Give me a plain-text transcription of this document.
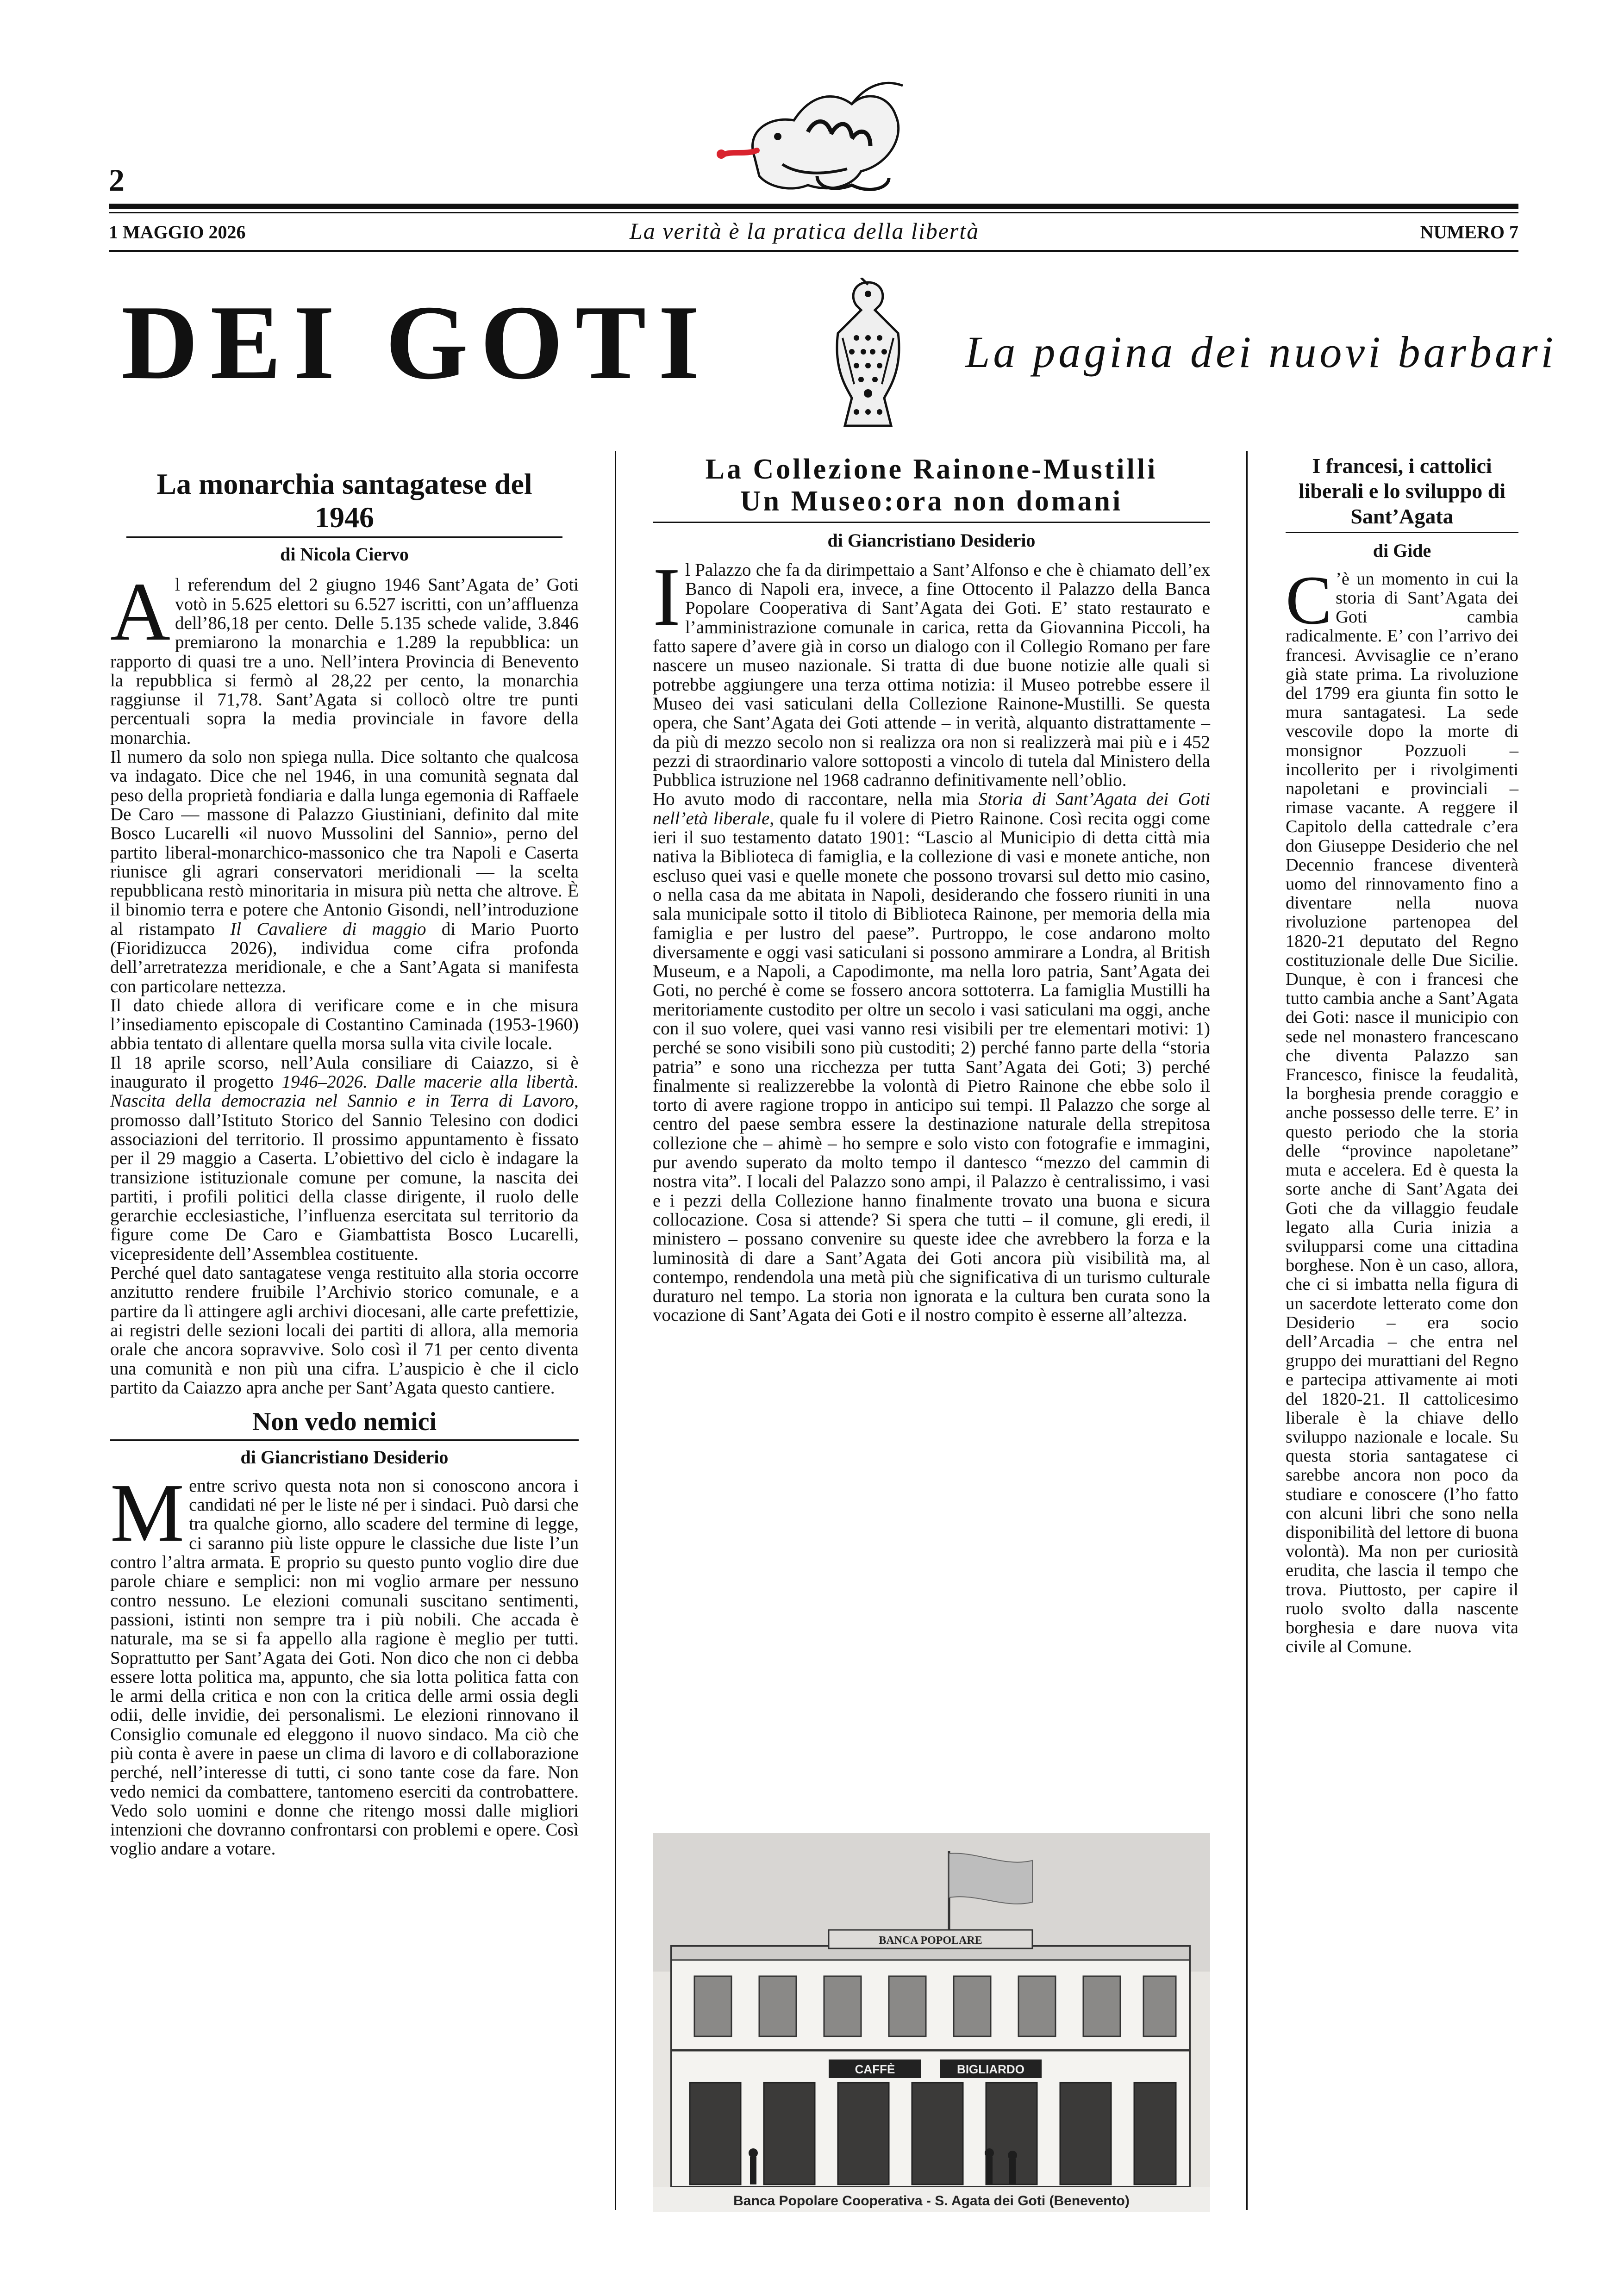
2
1 MAGGIO 2026	La verità è la pratica della libertà	NUMERO 7
DEI GOTI	La pagina dei nuovi barbari
La monarchia santagatese del 1946

di Nicola Ciervo

Al referendum del 2 giugno 1946 Sant’Agata de’ Goti votò in 5.625 elettori su 6.527 iscritti, con un’affluenza dell’86,18 per cento. Delle 5.135 schede valide, 3.846 premiarono la monarchia e 1.289 la repubblica: un rapporto di quasi tre a uno. Nell’intera Provincia di Benevento la repubblica si fermò al 28,22 per cento, la monarchia raggiunse il 71,78. Sant’Agata si collocò oltre tre punti percentuali sopra la media provinciale in favore della monarchia.

Il numero da solo non spiega nulla. Dice soltanto che qualcosa va indagato. Dice che nel 1946, in una comunità segnata dal peso della proprietà fondiaria e dalla lunga egemonia di Raffaele De Caro — massone di Palazzo Giustiniani, definito dal mite Bosco Lucarelli «il nuovo Mussolini del Sannio», perno del partito liberal-monarchico-massonico che tra Napoli e Caserta riunisce gli agrari conservatori meridionali — la scelta repubblicana restò minoritaria in misura più netta che altrove. È il binomio terra e potere che Antonio Gisondi, nell’introduzione al ristampato Il Cavaliere di maggio di Mario Puorto (Fioridizucca 2026), individua come cifra profonda dell’arretratezza meridionale, e che a Sant’Agata si manifesta con particolare nettezza.

Il dato chiede allora di verificare come e in che misura l’insediamento episcopale di Costantino Caminada (1953-1960) abbia tentato di allentare quella morsa sulla vita civile locale.

Il 18 aprile scorso, nell’Aula consiliare di Caiazzo, si è inaugurato il progetto 1946–2026. Dalle macerie alla libertà. Nascita della democrazia nel Sannio e in Terra di Lavoro, promosso dall’Istituto Storico del Sannio Telesino con dodici associazioni del territorio. Il prossimo appuntamento è fissato per il 29 maggio a Caserta. L’obiettivo del ciclo è indagare la transizione istituzionale comune per comune, la nascita dei partiti, i profili politici della classe dirigente, il ruolo delle gerarchie ecclesiastiche, l’influenza esercitata sul territorio da figure come De Caro e Giambattista Bosco Lucarelli, vicepresidente dell’Assemblea costituente.

Perché quel dato santagatese venga restituito alla storia occorre anzitutto rendere fruibile l’Archivio storico comunale, e a partire da lì attingere agli archivi diocesani, alle carte prefettizie, ai registri delle sezioni locali dei partiti di allora, alla memoria orale che ancora sopravvive. Solo così il 71 per cento diventa una comunità e non più una cifra. L’auspicio è che il ciclo partito da Caiazzo apra anche per Sant’Agata questo cantiere.

Non vedo nemici

di Giancristiano Desiderio

Mentre scrivo questa nota non si conoscono ancora i candidati né per le liste né per i sindaci. Può darsi che tra qualche giorno, allo scadere del termine di legge, ci saranno più liste oppure le classiche due liste l’un contro l’altra armata. E proprio su questo punto voglio dire due parole chiare e semplici: non mi voglio armare per nessuno contro nessuno. Le elezioni comunali suscitano sentimenti, passioni, istinti non sempre tra i più nobili. Che accada è naturale, ma se si fa appello alla ragione è meglio per tutti. Soprattutto per Sant’Agata dei Goti. Non dico che non ci debba essere lotta politica ma, appunto, che sia lotta politica fatta con le armi della critica e non con la critica delle armi ossia degli odii, delle invidie, dei personalismi. Le elezioni rinnovano il Consiglio comunale ed eleggono il nuovo sindaco. Ma ciò che più conta è avere in paese un clima di lavoro e di collaborazione perché, nell’interesse di tutti, ci sono tante cose da fare. Non vedo nemici da combattere, tantomeno eserciti da controbattere. Vedo solo uomini e donne che ritengo mossi dalle migliori intenzioni che dovranno confrontarsi con problemi e opere. Così voglio andare a votare.

La Collezione Rainone-Mustilli
Un Museo:ora non domani

di Giancristiano Desiderio

Il Palazzo che fa da dirimpettaio a Sant’Alfonso e che è chiamato dell’ex Banco di Napoli era, invece, a fine Ottocento il Palazzo della Banca Popolare Cooperativa di Sant’Agata dei Goti. E’ stato restaurato e l’amministrazione comunale in carica, retta da Giovannina Piccoli, ha fatto sapere d’avere già in corso un dialogo con il Collegio Romano per fare nascere un museo nazionale. Si tratta di due buone notizie alle quali si potrebbe aggiungere una terza ottima notizia: il Museo potrebbe essere il Museo dei vasi saticulani della Collezione Rainone-Mustilli. Se questa opera, che Sant’Agata dei Goti attende – in verità, alquanto distrattamente – da più di mezzo secolo non si realizza ora non si realizzerà mai più e i 452 pezzi di straordinario valore sottoposti a vincolo di tutela dal Ministero della Pubblica istruzione nel 1968 cadranno definitivamente nell’oblio.

Ho avuto modo di raccontare, nella mia Storia di Sant’Agata dei Goti nell’età liberale, quale fu il volere di Pietro Rainone. Così recita oggi come ieri il suo testamento datato 1901: “Lascio al Municipio di detta città mia nativa la Biblioteca di famiglia, e la collezione di vasi e monete antiche, non escluso quei vasi e quelle monete che possono trovarsi sul detto mio casino, o nella casa da me abitata in Napoli, desiderando che fossero riuniti in una sala municipale sotto il titolo di Biblioteca Rainone, per memoria della mia famiglia e per lustro del paese”. Purtroppo, le cose andarono molto diversamente e oggi vasi saticulani si possono ammirare a Londra, al British Museum, e a Napoli, a Capodimonte, ma nella loro patria, Sant’Agata dei Goti, no perché è come se fossero ancora sottoterra. La famiglia Mustilli ha meritoriamente custodito per oltre un secolo i vasi saticulani ma oggi, anche con il suo volere, quei vasi vanno resi visibili per tre elementari motivi: 1) perché se sono visibili sono più custoditi; 2) perché fanno parte della “storia patria” e sono una ricchezza per tutta Sant’Agata dei Goti; 3) perché finalmente si realizzerebbe la volontà di Pietro Rainone che ebbe solo il torto di avere ragione troppo in anticipo sui tempi. Il Palazzo che sorge al centro del paese sembra essere la destinazione naturale della strepitosa collezione che – ahimè – ho sempre e solo visto con fotografie e immagini, pur avendo superato da molto tempo il dantesco “mezzo del cammin di nostra vita”. I locali del Palazzo sono ampi, il Palazzo è centralissimo, i vasi e i pezzi della Collezione hanno finalmente trovato una buona e sicura collocazione. Cosa si attende? Si spera che tutti – il comune, gli eredi, il ministero – possano convenire su queste idee che avrebbero la forza e la luminosità di dare a Sant’Agata dei Goti ancora più visibilità ma, al contempo, rendendola una metà più che significativa di un turismo culturale duraturo nel tempo. La storia non ignorata e la cultura ben curata sono la vocazione di Sant’Agata dei Goti e il nostro compito è esserne all’altezza.

BANCA POPOLARE
CAFFÈ	BIGLIARDO
Banca Popolare Cooperativa - S. Agata dei Goti (Benevento)
I francesi, i cattolici liberali e lo sviluppo di Sant’Agata

di Gide

C ’è un momento in cui la storia di Sant’Agata dei Goti cambia radicalmente. E’ con l’arrivo dei francesi. Avvisaglie ce n’erano già state prima. La rivoluzione del 1799 era giunta fin sotto le mura santagatesi. La sede vescovile dopo la morte di monsignor Pozzuoli – incollerito per i rivolgimenti napoletani e provinciali – rimase vacante. A reggere il Capitolo della cattedrale c’era don Giuseppe Desiderio che nel Decennio francese diventerà uomo del rinnovamento fino a diventare nella nuova rivoluzione partenopea del 1820-21 deputato del Regno costituzionale delle Due Sicilie. Dunque, è con i francesi che tutto cambia anche a Sant’Agata dei Goti: nasce il municipio con sede nel monastero francescano che diventa Palazzo san Francesco, finisce la feudalità, la borghesia prende coraggio e anche possesso delle terre. E’ in questo periodo che la storia delle “province napoletane” muta e accelera. Ed è questa la sorte anche di Sant’Agata dei Goti che da villaggio feudale legato alla Curia inizia a svilupparsi come una cittadina borghese. Non è un caso, allora, che ci si imbatta nella figura di un sacerdote letterato come don Desiderio – era socio dell’Arcadia – che entra nel gruppo dei murattiani del Regno e partecipa attivamente ai moti del 1820-21. Il cattolicesimo liberale è la chiave dello sviluppo nazionale e locale. Su questa storia santagatese ci sarebbe ancora non poco da studiare e conoscere (l’ho fatto con alcuni libri che sono nella disponibilità del lettore di buona volontà). Ma non per curiosità erudita, che lascia il tempo che trova. Piuttosto, per capire il ruolo svolto dalla nascente borghesia e dare nuova vita civile al Comune.
